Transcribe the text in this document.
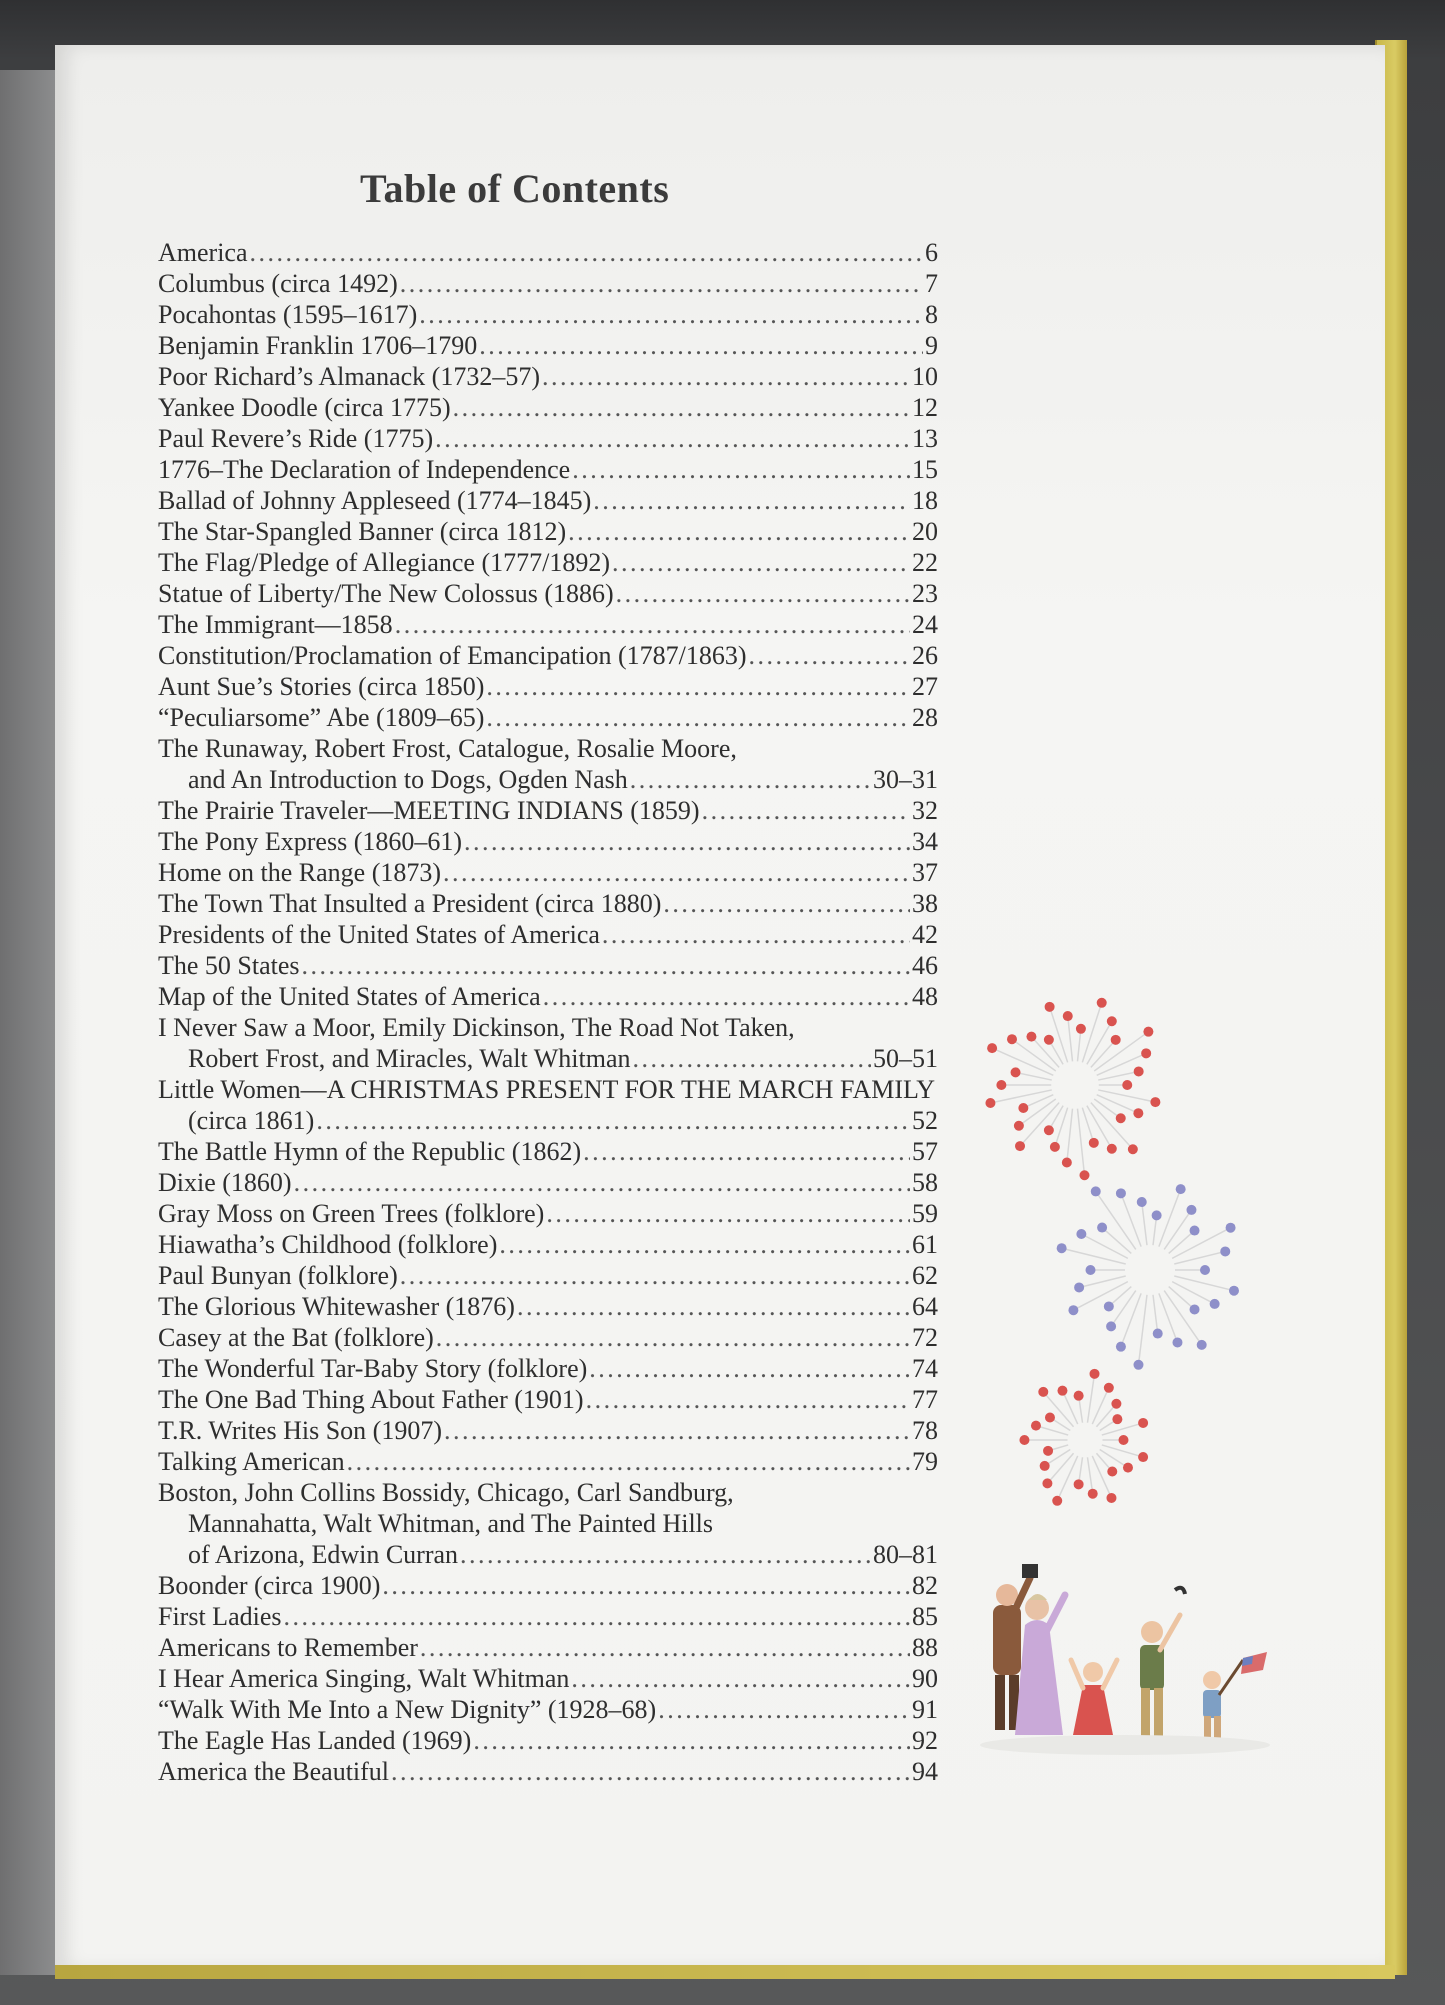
Table of Contents
America . . .	6
Columbus (circa 1492) . . .	7
Pocahontas (1595–1617) . . .	8
Benjamin Franklin 1706–1790 . . .	9
Poor Richard’s Almanack (1732–57) . . .	10
Yankee Doodle (circa 1775) . . .	12
Paul Revere’s Ride (1775) . . .	13
1776–The Declaration of Independence . . .	15
Ballad of Johnny Appleseed (1774–1845) . . .	18
The Star-Spangled Banner (circa 1812) . . .	20
The Flag/Pledge of Allegiance (1777/1892) . . .	22
Statue of Liberty/The New Colossus (1886) . . .	23
The Immigrant—1858 . . .	24
Constitution/Proclamation of Emancipation (1787/1863) . . .	26
Aunt Sue’s Stories (circa 1850) . . .	27
“Peculiarsome” Abe (1809–65) . . .	28
The Runaway, Robert Frost, Catalogue, Rosalie Moore,
and An Introduction to Dogs, Ogden Nash . . .	30–31
The Prairie Traveler—MEETING INDIANS (1859) . . .	32
The Pony Express (1860–61) . . .	34
Home on the Range (1873) . . .	37
The Town That Insulted a President (circa 1880) . . .	38
Presidents of the United States of America . . .	42
The 50 States . . .	46
Map of the United States of America . . .	48
I Never Saw a Moor, Emily Dickinson, The Road Not Taken,
Robert Frost, and Miracles, Walt Whitman . . .	50–51
Little Women—A CHRISTMAS PRESENT FOR THE MARCH FAMILY
(circa 1861) . . .	52
The Battle Hymn of the Republic (1862) . . .	57
Dixie (1860) . . .	58
Gray Moss on Green Trees (folklore) . . .	59
Hiawatha’s Childhood (folklore) . . .	61
Paul Bunyan (folklore) . . .	62
The Glorious Whitewasher (1876) . . .	64
Casey at the Bat (folklore) . . .	72
The Wonderful Tar-Baby Story (folklore) . . .	74
The One Bad Thing About Father (1901) . . .	77
T.R. Writes His Son (1907) . . .	78
Talking American . . .	79
Boston, John Collins Bossidy, Chicago, Carl Sandburg,
Mannahatta, Walt Whitman, and The Painted Hills
of Arizona, Edwin Curran . . .	80–81
Boonder (circa 1900) . . .	82
First Ladies . . .	85
Americans to Remember . . .	88
I Hear America Singing, Walt Whitman . . .	90
“Walk With Me Into a New Dignity” (1928–68) . . .	91
The Eagle Has Landed (1969) . . .	92
America the Beautiful . . .	94
